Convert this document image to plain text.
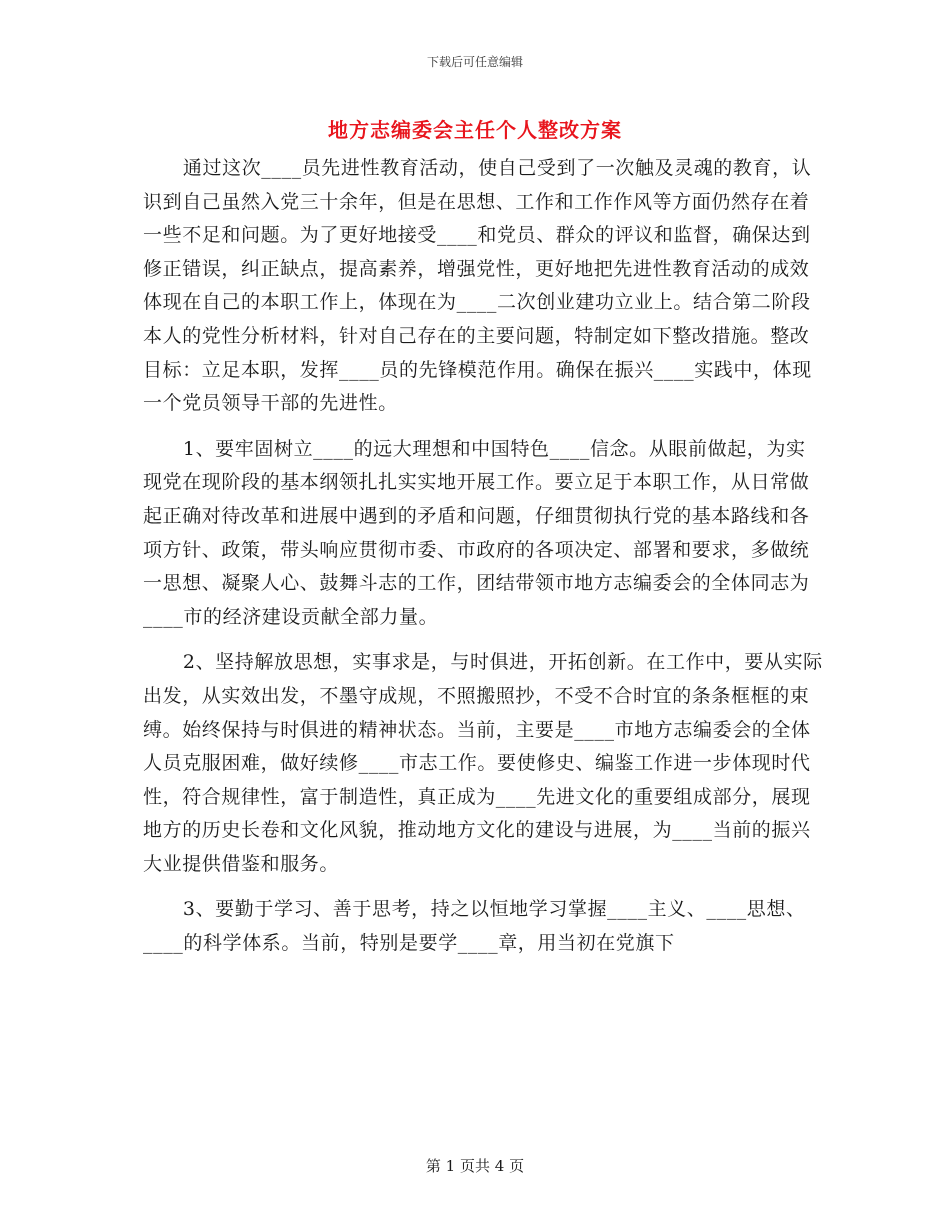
下载后可任意编辑
地方志编委会主任个人整改方案

通过这次____员先进性教育活动，使自己受到了一次触及灵魂的教育，认识到自己虽然入党三十余年，但是在思想、工作和工作作风等方面仍然存在着一些不足和问题。为了更好地接受____和党员、群众的评议和监督，确保达到修正错误，纠正缺点，提高素养，增强党性，更好地把先进性教育活动的成效体现在自己的本职工作上，体现在为____二次创业建功立业上。结合第二阶段本人的党性分析材料，针对自己存在的主要问题，特制定如下整改措施。整改目标：立足本职，发挥____员的先锋模范作用。确保在振兴____实践中，体现一个党员领导干部的先进性。

1、要牢固树立____的远大理想和中国特色____信念。从眼前做起，为实现党在现阶段的基本纲领扎扎实实地开展工作。要立足于本职工作，从日常做起正确对待改革和进展中遇到的矛盾和问题，仔细贯彻执行党的基本路线和各项方针、政策，带头响应贯彻市委、市政府的各项决定、部署和要求，多做统一思想、凝聚人心、鼓舞斗志的工作，团结带领市地方志编委会的全体同志为____市的经济建设贡献全部力量。

2、坚持解放思想，实事求是，与时俱进，开拓创新。在工作中，要从实际出发，从实效出发，不墨守成规，不照搬照抄，不受不合时宜的条条框框的束缚。始终保持与时俱进的精神状态。当前，主要是____市地方志编委会的全体人员克服困难，做好续修____市志工作。要使修史、编鉴工作进一步体现时代性，符合规律性，富于制造性，真正成为____先进文化的重要组成部分，展现地方的历史长卷和文化风貌，推动地方文化的建设与进展，为____当前的振兴大业提供借鉴和服务。

3、要勤于学习、善于思考，持之以恒地学习掌握____主义、____思想、____的科学体系。当前，特别是要学____章，用当初在党旗下

第 1 页共 4 页
